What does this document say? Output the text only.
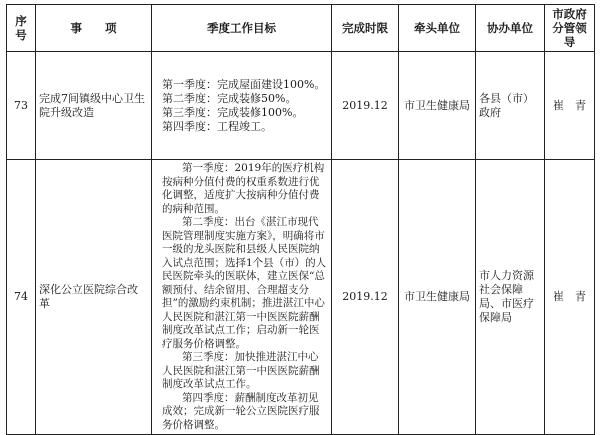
序号	事　　项	季度工作目标	完成时限	牵头单位	协办单位	市政府分管领导
73	完成7间镇级中心卫生院升级改造	第一季度：完成屋面建设100%。
第二季度：完成装修50%。
第三季度：完成装修100%。
第四季度：工程竣工。	2019.12	市卫生健康局	各县（市）政府	崔　青
74	深化公立医院综合改革	第一季度：2019年的医疗机构按病种分值付费的权重系数进行优化调整，适度扩大按病种分值付费的病种范围。
第二季度：出台《湛江市现代医院管理制度实施方案》，明确将市一级的龙头医院和县级人民医院纳入试点范围；选择1个县（市）的人民医院牵头的医联体，建立医保“总额预付、结余留用、合理超支分担”的激励约束机制；推进湛江中心人民医院和湛江第一中医医院薪酬制度改革试点工作；启动新一轮医疗服务价格调整。
第三季度：加快推进湛江中心人民医院和湛江第一中医医院薪酬制度改革试点工作。
第四季度：薪酬制度改革初见成效；完成新一轮公立医院医疗服务价格调整。	2019.12	市卫生健康局	市人力资源社会保障局、市医疗保障局	崔　青
